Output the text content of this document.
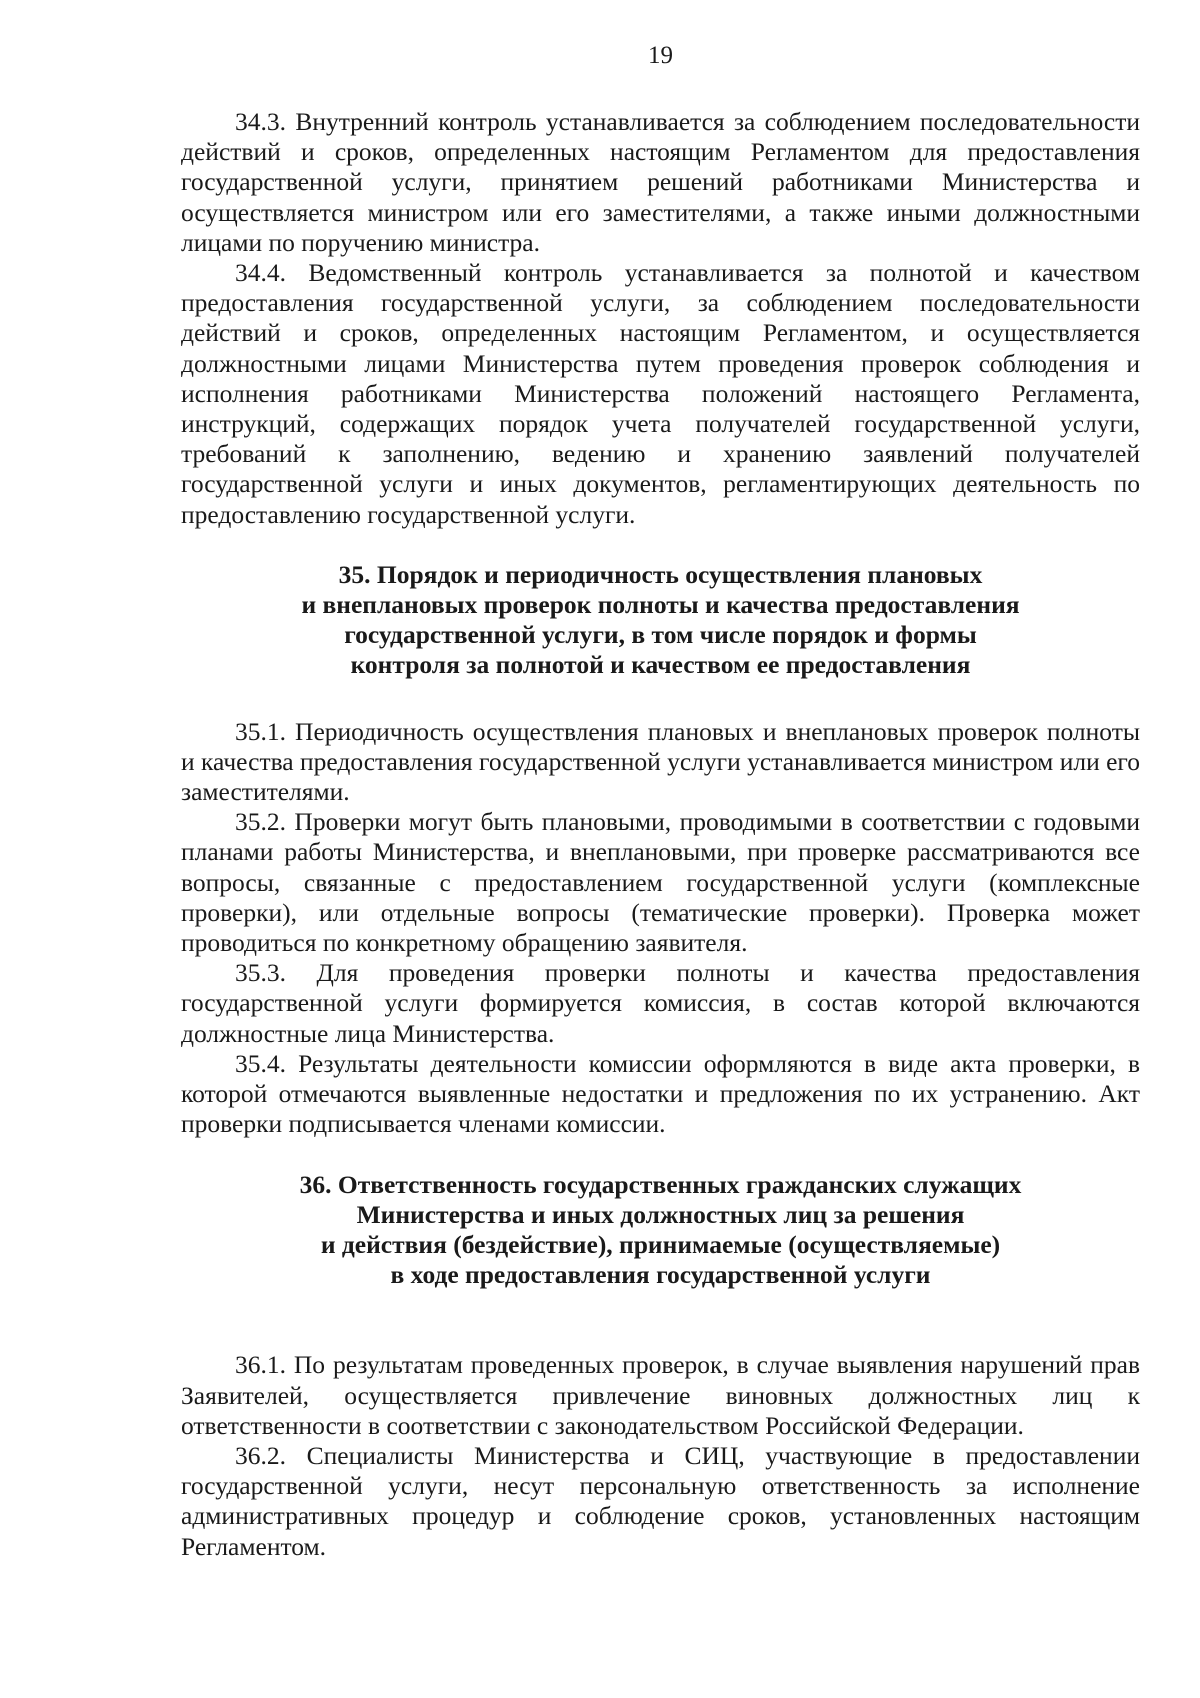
19

34.3. Внутренний контроль устанавливается за соблюдением последовательности действий и сроков, определенных настоящим Регламентом для предоставления государственной услуги, принятием решений работниками Министерства и осуществляется министром или его заместителями, а также иными должностными лицами по поручению министра.

34.4. Ведомственный контроль устанавливается за полнотой и качеством предоставления государственной услуги, за соблюдением последовательности действий и сроков, определенных настоящим Регламентом, и осуществляется должностными лицами Министерства путем проведения проверок соблюдения и исполнения работниками Министерства положений настоящего Регламента, инструкций, содержащих порядок учета получателей государственной услуги, требований к заполнению, ведению и хранению заявлений получателей государственной услуги и иных документов, регламентирующих деятельность по предоставлению государственной услуги.

35. Порядок и периодичность осуществления плановых
и внеплановых проверок полноты и качества предоставления
государственной услуги, в том числе порядок и формы
контроля за полнотой и качеством ее предоставления

35.1. Периодичность осуществления плановых и внеплановых проверок полноты и качества предоставления государственной услуги устанавливается министром или его заместителями.

35.2. Проверки могут быть плановыми, проводимыми в соответствии с годовыми планами работы Министерства, и внеплановыми, при проверке рассматриваются все вопросы, связанные с предоставлением государственной услуги (комплексные проверки), или отдельные вопросы (тематические проверки). Проверка может проводиться по конкретному обращению заявителя.

35.3. Для проведения проверки полноты и качества предоставления государственной услуги формируется комиссия, в состав которой включаются должностные лица Министерства.

35.4. Результаты деятельности комиссии оформляются в виде акта проверки, в которой отмечаются выявленные недостатки и предложения по их устранению. Акт проверки подписывается членами комиссии.

36. Ответственность государственных гражданских служащих
Министерства и иных должностных лиц за решения
и действия (бездействие), принимаемые (осуществляемые)
в ходе предоставления государственной услуги

36.1. По результатам проведенных проверок, в случае выявления нарушений прав Заявителей, осуществляется привлечение виновных должностных лиц к ответственности в соответствии с законодательством Российской Федерации.

36.2. Специалисты Министерства и СИЦ, участвующие в предоставлении государственной услуги, несут персональную ответственность за исполнение административных процедур и соблюдение сроков, установленных настоящим Регламентом.
